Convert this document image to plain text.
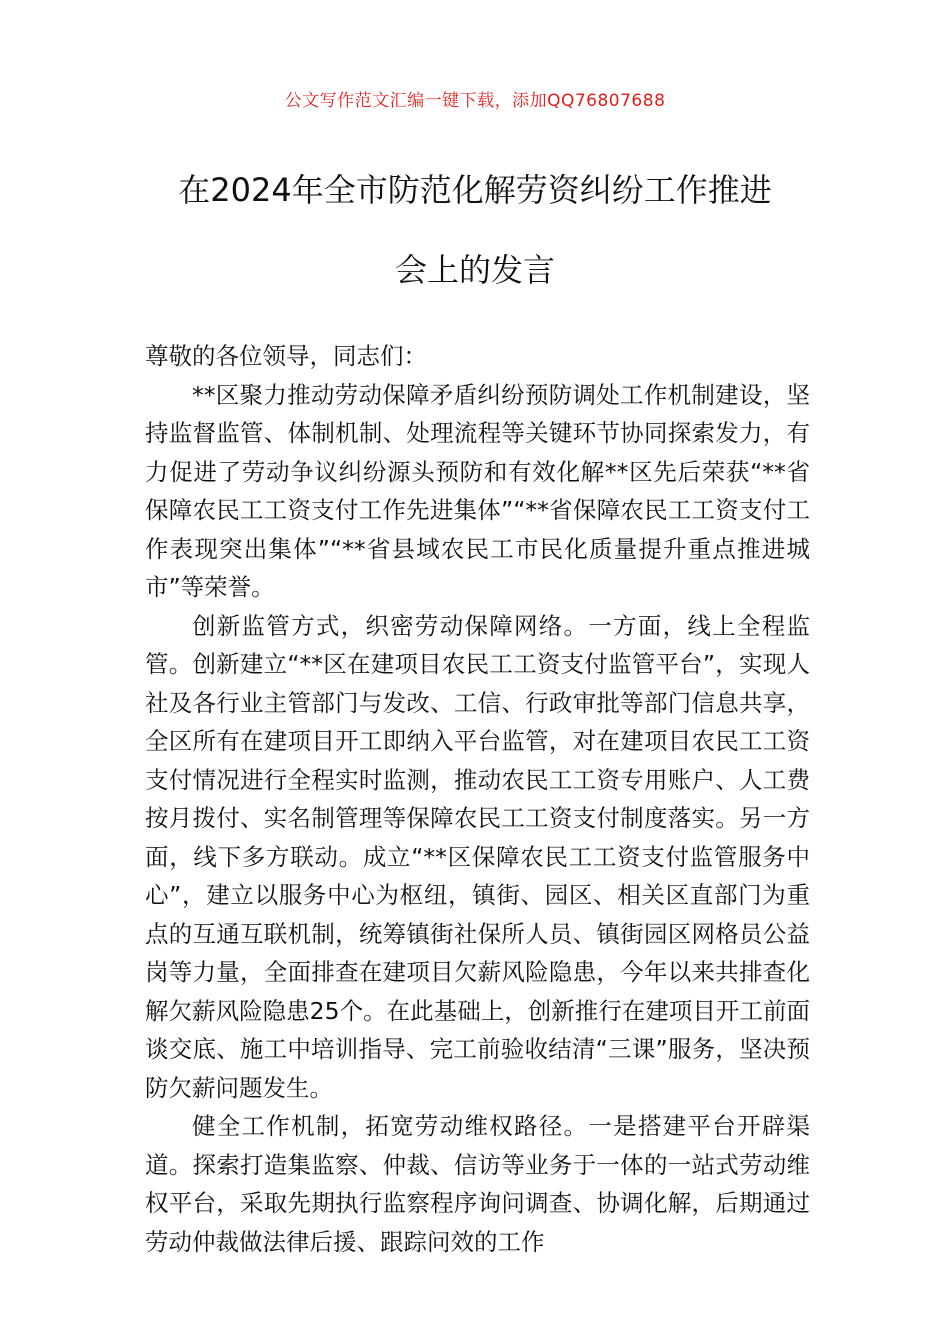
公文写作范文汇编一键下载，添加QQ76807688
在2024年全市防范化解劳资纠纷工作推进
会上的发言

尊敬的各位领导，同志们：

**区聚力推动劳动保障矛盾纠纷预防调处工作机制建设，坚持监督监管、体制机制、处理流程等关键环节协同探索发力，有力促进了劳动争议纠纷源头预防和有效化解**区先后荣获“**省保障农民工工资支付工作先进集体”“**省保障农民工工资支付工作表现突出集体”“**省县域农民工市民化质量提升重点推进城市”等荣誉。

创新监管方式，织密劳动保障网络。一方面，线上全程监管。创新建立“**区在建项目农民工工资支付监管平台”，实现人社及各行业主管部门与发改、工信、行政审批等部门信息共享，全区所有在建项目开工即纳入平台监管，对在建项目农民工工资支付情况进行全程实时监测，推动农民工工资专用账户、人工费按月拨付、实名制管理等保障农民工工资支付制度落实。另一方面，线下多方联动。成立“**区保障农民工工资支付监管服务中心”，建立以服务中心为枢纽，镇街、园区、相关区直部门为重点的互通互联机制，统筹镇街社保所人员、镇街园区网格员公益岗等力量，全面排查在建项目欠薪风险隐患，今年以来共排查化解欠薪风险隐患25个。在此基础上，创新推行在建项目开工前面谈交底、施工中培训指导、完工前验收结清“三课”服务，坚决预防欠薪问题发生。

健全工作机制，拓宽劳动维权路径。一是搭建平台开辟渠道。探索打造集监察、仲裁、信访等业务于一体的一站式劳动维权平台，采取先期执行监察程序询问调查、协调化解，后期通过劳动仲裁做法律后援、跟踪问效的工作
